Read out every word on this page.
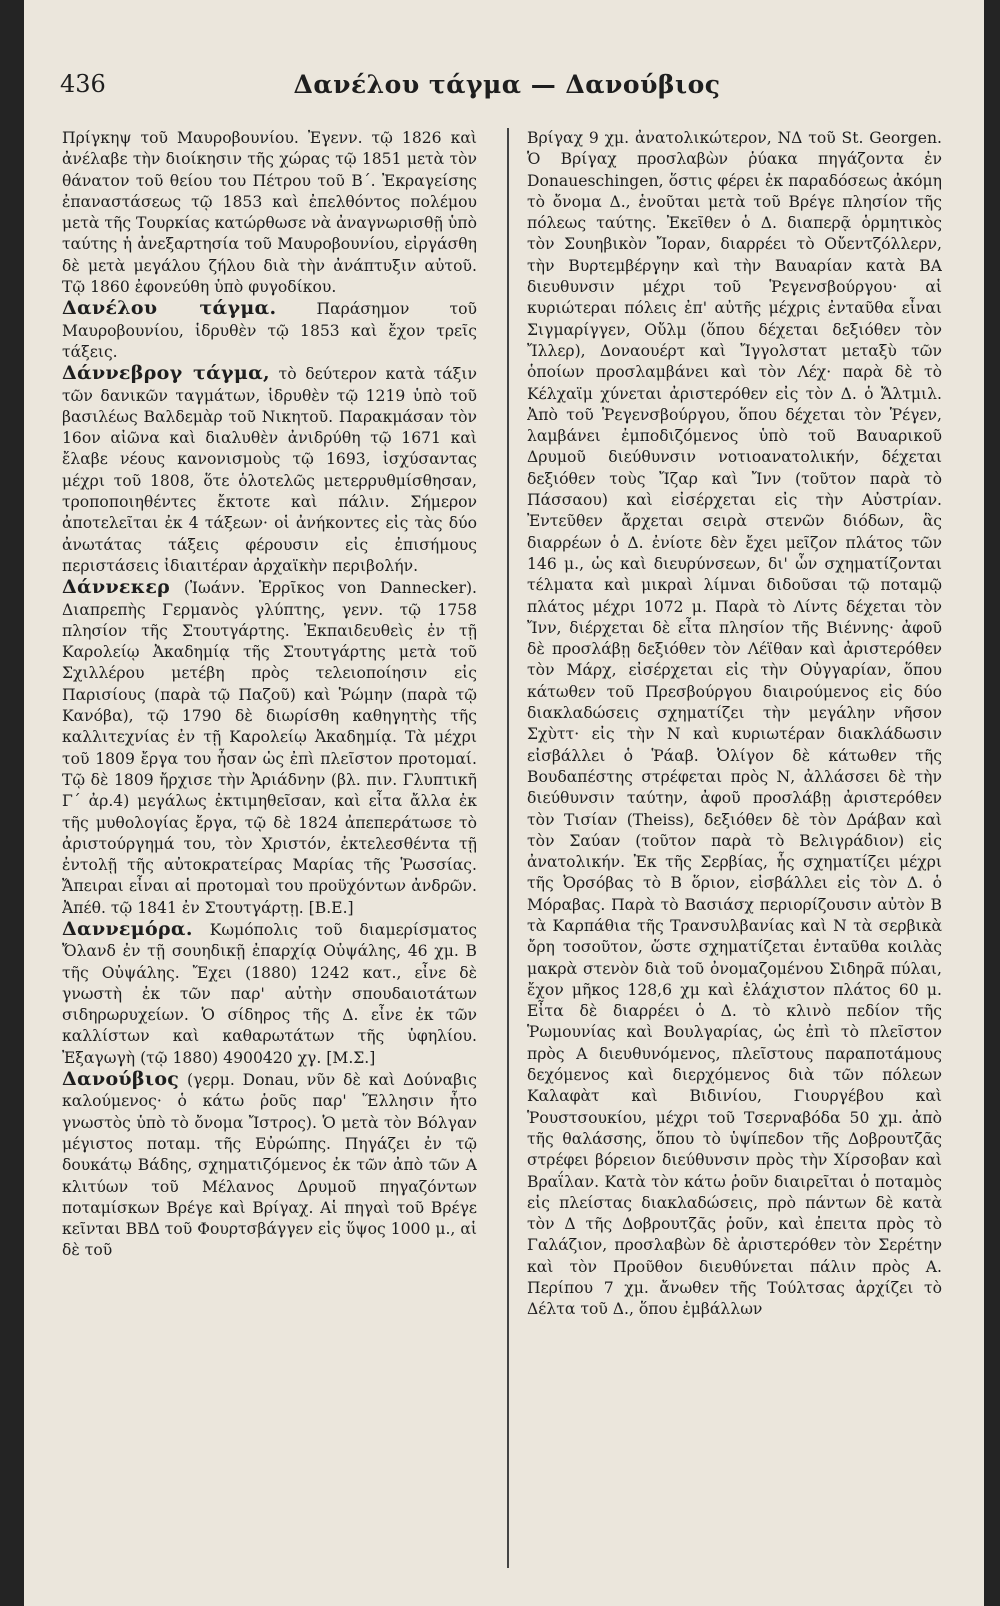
436	Δανέλου τάγμα — Δανούβιος

Πρίγκηψ τοῦ Μαυροβουνίου. Ἐγενν. τῷ 1826 καὶ ἀνέλαβε τὴν διοίκησιν τῆς χώρας τῷ 1851 μετὰ τὸν θάνατον τοῦ θείου του Πέτρου τοῦ Β΄. Ἐκραγείσης ἐπαναστάσεως τῷ 1853 καὶ ἐπελθόντος πολέμου μετὰ τῆς Τουρκίας κατώρθωσε νὰ ἀναγνωρισθῇ ὑπὸ ταύτης ἡ ἀνεξαρτησία τοῦ Μαυροβουνίου, εἰργάσθη δὲ μετὰ μεγάλου ζήλου διὰ τὴν ἀνάπτυξιν αὐτοῦ. Τῷ 1860 ἐφονεύθη ὑπὸ φυγοδίκου.

Δανέλου τάγμα.	Παράσημον τοῦ Μαυροβουνίου, ἱδρυθὲν τῷ 1853 καὶ ἔχον τρεῖς τάξεις.

Δάννεβρογ τάγμα, τὸ δεύτερον κατὰ τάξιν τῶν δανικῶν ταγμάτων, ἱδρυθὲν τῷ 1219 ὑπὸ τοῦ βασιλέως Βαλδεμὰρ τοῦ Νικητοῦ. Παρακμάσαν τὸν 16ον αἰῶνα καὶ διαλυθὲν ἀνιδρύθη τῷ 1671 καὶ ἔλαβε νέους κανονισμοὺς τῷ 1693, ἰσχύσαντας μέχρι τοῦ 1808, ὅτε ὁλοτελῶς μετερρυθμίσθησαν, τροποποιηθέντες ἔκτοτε καὶ πάλιν. Σήμερον ἀποτελεῖται ἐκ 4 τάξεων· οἱ ἀνήκοντες εἰς τὰς δύο ἀνωτάτας τάξεις φέρουσιν εἰς ἐπισήμους περιστάσεις ἰδιαιτέραν ἀρχαϊκὴν περιβολήν.

Δάννεκερ (Ἰωάνν. Ἑρρῖκος von Dannecker). Διαπρεπὴς Γερμανὸς γλύπτης, γενν. τῷ 1758 πλησίον τῆς Στουτγάρτης. Ἐκπαιδευθεὶς ἐν τῇ Καρολείῳ Ἀκαδημίᾳ τῆς Στουτγάρτης μετὰ τοῦ Σχιλλέρου μετέβη πρὸς τελειοποίησιν εἰς Παρισίους (παρὰ τῷ Παζοῦ) καὶ Ῥώμην (παρὰ τῷ Κανόβα), τῷ 1790 δὲ διωρίσθη καθηγητὴς τῆς καλλιτεχνίας ἐν τῇ Καρολείῳ Ἀκαδημίᾳ. Τὰ μέχρι τοῦ 1809 ἔργα του ἦσαν ὡς ἐπὶ πλεῖστον προτομαί. Τῷ δὲ 1809 ἤρχισε τὴν Ἀριάδνην (βλ. πιν. Γλυπτικῆ Γ΄ ἀρ.4) μεγάλως ἐκτιμηθεῖσαν, καὶ εἶτα ἄλλα ἐκ τῆς μυθολογίας ἔργα, τῷ δὲ 1824 ἀπεπεράτωσε τὸ ἀριστούργημά του, τὸν Χριστόν, ἐκτελεσθέντα τῇ ἐντολῇ τῆς αὐτοκρατείρας Μαρίας τῆς Ῥωσσίας. Ἄπειραι εἶναι αἱ προτομαὶ του προϋχόντων ἀνδρῶν. Ἀπέθ. τῷ 1841 ἐν Στουτγάρτῃ. [Β.Ε.]

Δαννεμόρα. Κωμόπολις τοῦ διαμερίσματος Ὄλανδ ἐν τῇ σουηδικῇ ἐπαρχίᾳ Οὐψάλης, 46 χμ. Β τῆς Οὐψάλης. Ἔχει (1880) 1242 κατ., εἶνε δὲ γνωστὴ ἐκ τῶν παρ' αὐτὴν σπουδαιοτάτων σιδηρωρυχείων. Ὁ σίδηρος τῆς Δ. εἶνε ἐκ τῶν καλλίστων καὶ καθαρωτάτων τῆς ὑφηλίου. Ἐξαγωγὴ (τῷ 1880) 4900420 χγ. [Μ.Σ.]

Δανούβιος (γερμ. Donau, νῦν δὲ καὶ Δούναβις καλούμενος· ὁ κάτω ῥοῦς παρ' Ἕλλησιν ἦτο γνωστὸς ὑπὸ τὸ ὄνομα Ἴστρος). Ὁ μετὰ τὸν Βόλγαν μέγιστος ποταμ. τῆς Εὐρώπης. Πηγάζει ἐν τῷ δουκάτῳ Βάδης, σχηματιζόμενος ἐκ τῶν ἀπὸ τῶν Α κλιτύων τοῦ Μέλανος Δρυμοῦ πηγαζόντων ποταμίσκων Βρέγε καὶ Βρίγαχ. Αἱ πηγαὶ τοῦ Βρέγε κεῖνται ΒΒΔ τοῦ Φουρτσβάγγεν εἰς ὕψος 1000 μ., αἱ δὲ τοῦ

Βρίγαχ 9 χμ. ἀνατολικώτερον, ΝΔ τοῦ St. Georgen. Ὁ Βρίγαχ προσλαβὼν ῥύακα πηγάζοντα ἐν Donaueschingen, ὅστις φέρει ἐκ παραδόσεως ἀκόμη τὸ ὄνομα Δ., ἑνοῦται μετὰ τοῦ Βρέγε πλησίον τῆς πόλεως ταύτης. Ἐκεῖθεν ὁ Δ. διαπερᾷ ὁρμητικὸς τὸν Σουηβικὸν Ἴοραν, διαρρέει τὸ Οὔεντζόλλερν, τὴν Βυρτεμβέργην καὶ τὴν Βαυαρίαν κατὰ ΒΑ διευθυνσιν μέχρι τοῦ Ῥεγενσβούργου· αἱ κυριώτεραι πόλεις ἐπ' αὐτῆς μέχρις ἐνταῦθα εἶναι Σιγμαρίγγεν, Οὔλμ (ὅπου δέχεται δεξιόθεν τὸν Ἴλλερ), Δοναουέρτ καὶ Ἴγγολστατ μεταξὺ τῶν ὁποίων προσλαμβάνει καὶ τὸν Λέχ· παρὰ δὲ τὸ Κέλχαϊμ χύνεται ἀριστερόθεν εἰς τὸν Δ. ὁ Ἄλτμιλ. Ἀπὸ τοῦ Ῥεγενσβούργου, ὅπου δέχεται τὸν Ῥέγεν, λαμβάνει ἐμποδιζόμενος ὑπὸ τοῦ Βαυαρικοῦ Δρυμοῦ διεύθυνσιν νοτιοανατολικήν, δέχεται δεξιόθεν τοὺς Ἴζαρ καὶ Ἴνν (τοῦτον παρὰ τὸ Πάσσαου) καὶ εἰσέρχεται εἰς τὴν Αὐστρίαν. Ἐντεῦθεν ἄρχεται σειρὰ στενῶν διόδων, ἃς διαρρέων ὁ Δ. ἐνίοτε δὲν ἔχει μεῖζον πλάτος τῶν 146 μ., ὡς καὶ διευρύνσεων, δι' ὧν σχηματίζονται τέλματα καὶ μικραὶ λίμναι διδοῦσαι τῷ ποταμῷ πλάτος μέχρι 1072 μ. Παρὰ τὸ Λίντς δέχεται τὸν Ἴνν, διέρχεται δὲ εἶτα πλησίον τῆς Βιέννης· ἀφοῦ δὲ προσλάβῃ δεξιόθεν τὸν Λέϊθαν καὶ ἀριστερόθεν τὸν Μάρχ, εἰσέρχεται εἰς τὴν Οὐγγαρίαν, ὅπου κάτωθεν τοῦ Πρεσβούργου διαιρούμενος εἰς δύο διακλαδώσεις σχηματίζει τὴν μεγάλην νῆσον Σχὺττ· εἰς τὴν Ν καὶ κυριωτέραν διακλάδωσιν εἰσβάλλει ὁ Ῥάαβ. Ὀλίγον δὲ κάτωθεν τῆς Βουδαπέστης στρέφεται πρὸς Ν, ἀλλάσσει δὲ τὴν διεύθυνσιν ταύτην, ἀφοῦ προσλάβῃ ἀριστερόθεν τὸν Τισίαν (Theiss), δεξιόθεν δὲ τὸν Δράβαν καὶ τὸν Σαύαν (τοῦτον παρὰ τὸ Βελιγράδιον) εἰς ἀνατολικήν. Ἐκ τῆς Σερβίας, ἧς σχηματίζει μέχρι τῆς Ὀρσόβας τὸ Β ὅριον, εἰσβάλλει εἰς τὸν Δ. ὁ Μόραβας. Παρὰ τὸ Βασιάσχ περιορίζουσιν αὐτὸν Β τὰ Καρπάθια τῆς Τρανσυλβανίας καὶ Ν τὰ σερβικὰ ὄρη τοσοῦτον, ὥστε σχηματίζεται ἐνταῦθα κοιλὰς μακρὰ στενὸν διὰ τοῦ ὀνομαζομένου Σιδηρᾶ πύλαι, ἔχον μῆκος 128,6 χμ καὶ ἐλάχιστον πλάτος 60 μ. Εἶτα δὲ διαρρέει ὁ Δ. τὸ κλινὸ πεδίον τῆς Ῥωμουνίας καὶ Βουλγαρίας, ὡς ἐπὶ τὸ πλεῖστον πρὸς Α διευθυνόμενος, πλεῖστους παραποτάμους δεχόμενος καὶ διερχόμενος διὰ τῶν πόλεων Καλαφὰτ καὶ Βιδινίου, Γιουργέβου καὶ Ῥουστσουκίου, μέχρι τοῦ Τσερναβόδα 50 χμ. ἀπὸ τῆς θαλάσσης, ὅπου τὸ ὑψίπεδον τῆς Δοβρουτζᾶς στρέφει βόρειον διεύθυνσιν πρὸς τὴν Χίρσοβαν καὶ Βραΐλαν. Κατὰ τὸν κάτω ῥοῦν διαιρεῖται ὁ ποταμὸς εἰς πλείστας διακλαδώσεις, πρὸ πάντων δὲ κατὰ τὸν Δ τῆς Δοβρουτζᾶς ῥοῦν, καὶ ἐπειτα πρὸς τὸ Γαλάζιον, προσλαβὼν δὲ ἀριστερόθεν τὸν Σερέτην καὶ τὸν Προῦθον διευθύνεται πάλιν πρὸς Α. Περίπου 7 χμ. ἄνωθεν τῆς Τούλτσας ἀρχίζει τὸ Δέλτα τοῦ Δ., ὅπου ἐμβάλλων
